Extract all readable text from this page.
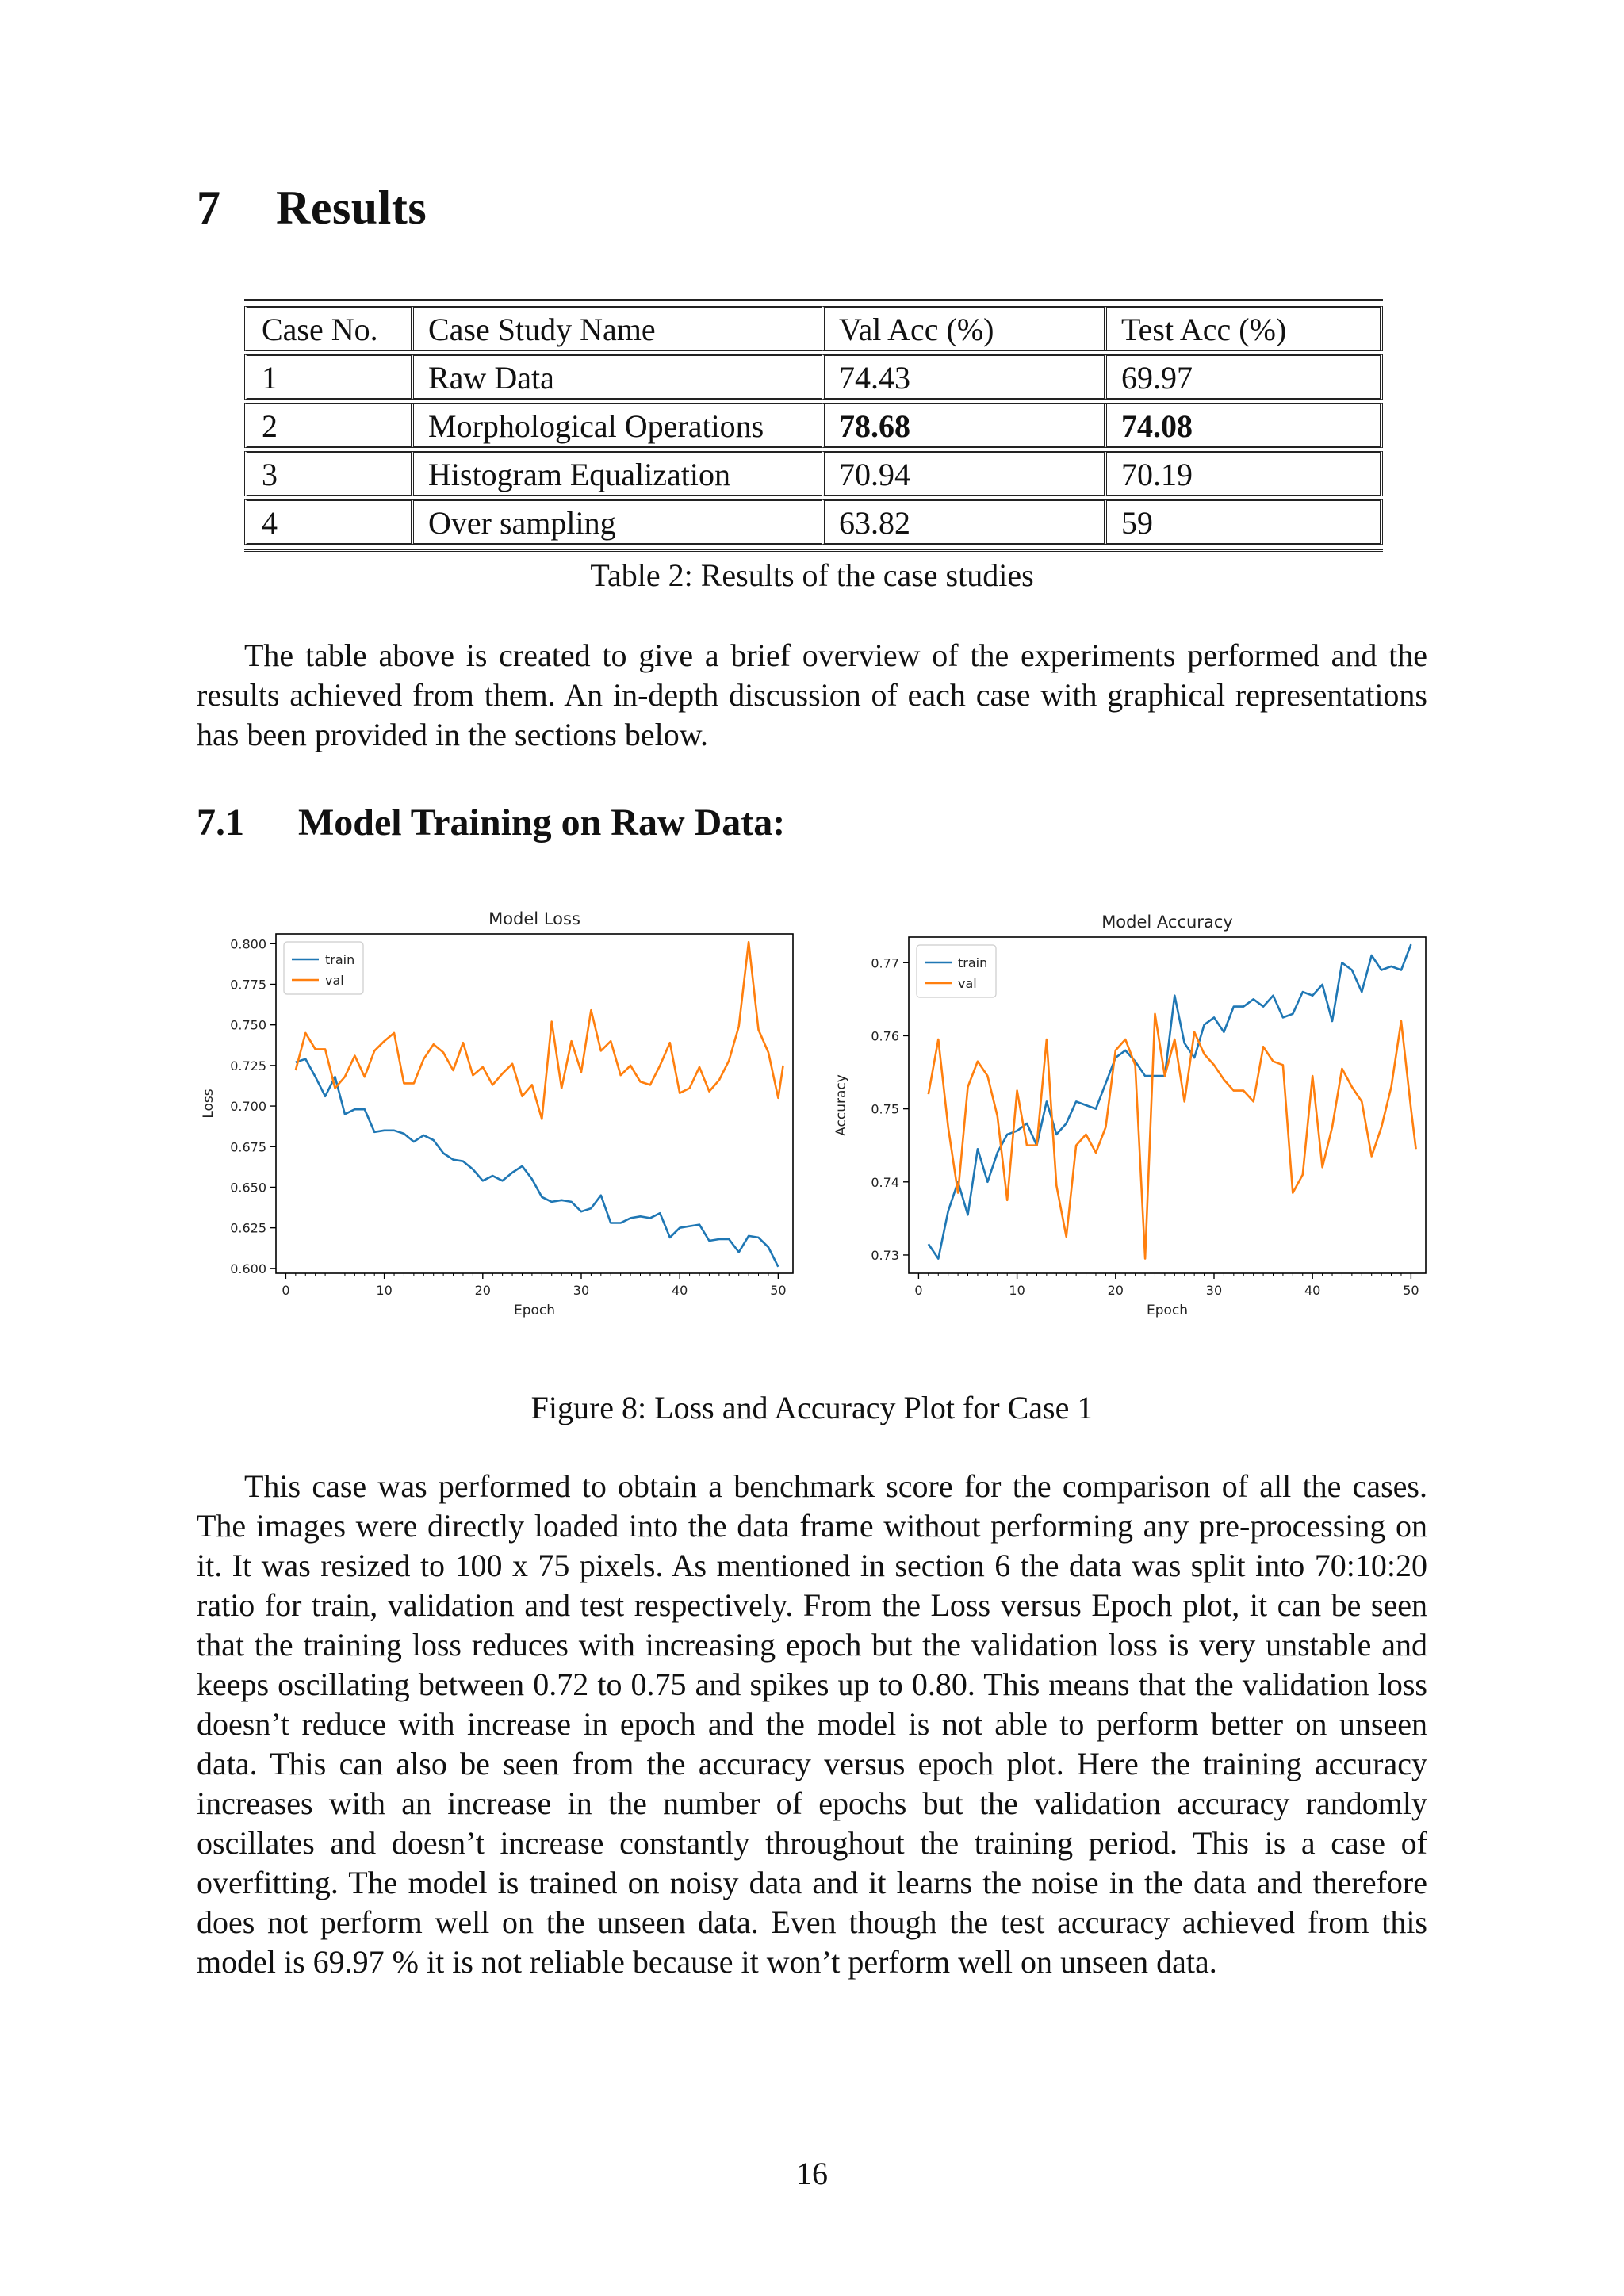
7 Results
Case No.	Case Study Name	Val Acc (%)	Test Acc (%)
1	Raw Data	74.43	69.97
2	Morphological Operations	78.68	74.08
3	Histogram Equalization	70.94	70.19
4	Over sampling	63.82	59
Table 2: Results of the case studies

The table above is created to give a brief overview of the experiments performed and the results achieved from them. An in-depth discussion of each case with graphical representations has been provided in the sections below.

7.1 Model Training on Raw Data:
Model Loss
0	10	20	30	40	50
0.600
0.625
0.650
0.675
0.700
0.725
0.750
0.775
0.800
Epoch
Loss
train
val
Model Accuracy
0	10	20	30	40	50
0.73
0.74
0.75
0.76
0.77
Epoch
Accuracy
train
val
Figure 8: Loss and Accuracy Plot for Case 1

This case was performed to obtain a benchmark score for the comparison of all the cases. The images were directly loaded into the data frame without performing any pre-processing on it. It was resized to 100 x 75 pixels. As mentioned in section 6 the data was split into 70:10:20 ratio for train, validation and test respectively. From the Loss versus Epoch plot, it can be seen that the training loss reduces with increasing epoch but the validation loss is very unstable and keeps oscillating between 0.72 to 0.75 and spikes up to 0.80. This means that the validation loss doesn’t reduce with increase in epoch and the model is not able to perform better on unseen data. This can also be seen from the accuracy versus epoch plot. Here the training accuracy increases with an increase in the number of epochs but the validation accuracy randomly oscillates and doesn’t increase constantly throughout the training period. This is a case of overfitting. The model is trained on noisy data and it learns the noise in the data and therefore does not perform well on the unseen data. Even though the test accuracy achieved from this model is 69.97 % it is not reliable because it won’t perform well on unseen data.

16
